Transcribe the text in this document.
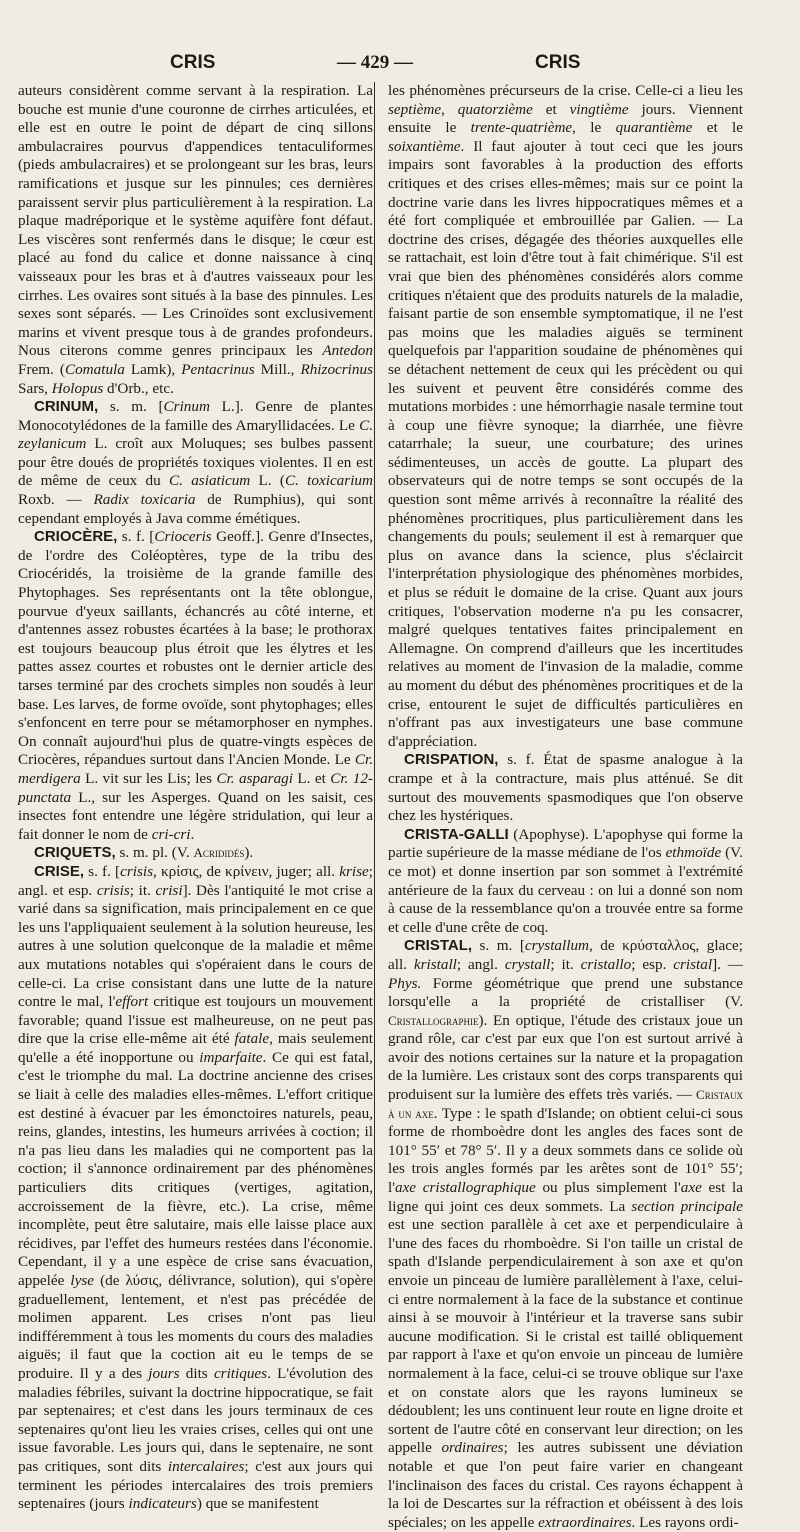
CRIS	— 429 —	CRIS

auteurs considèrent comme servant à la respiration. La bouche est munie d'une couronne de cirrhes articulées, et elle est en outre le point de départ de cinq sillons ambulacraires pourvus d'appendices tentaculiformes (pieds ambulacraires) et se prolongeant sur les bras, leurs ramifications et jusque sur les pinnules; ces dernières paraissent servir plus particulièrement à la respiration. La plaque madréporique et le système aquifère font défaut. Les viscères sont renfermés dans le disque; le cœur est placé au fond du calice et donne naissance à cinq vaisseaux pour les bras et à d'autres vaisseaux pour les cirrhes. Les ovaires sont situés à la base des pinnules. Les sexes sont séparés. — Les Crinoïdes sont exclusivement marins et vivent presque tous à de grandes profondeurs. Nous citerons comme genres principaux les Antedon Frem. (Comatula Lamk), Pentacrinus Mill., Rhizocrinus Sars, Holopus d'Orb., etc.

CRINUM, s. m. [Crinum L.]. Genre de plantes Monocotylédones de la famille des Amaryllidacées. Le C. zeylanicum L. croît aux Moluques; ses bulbes passent pour être doués de propriétés toxiques violentes. Il en est de même de ceux du C. asiaticum L. (C. toxicarium Roxb. — Radix toxicaria de Rumphius), qui sont cependant employés à Java comme émétiques.

CRIOCÈRE, s. f. [Crioceris Geoff.]. Genre d'Insectes, de l'ordre des Coléoptères, type de la tribu des Criocéridés, la troisième de la grande famille des Phytophages. Ses représentants ont la tête oblongue, pourvue d'yeux saillants, échancrés au côté interne, et d'antennes assez robustes écartées à la base; le prothorax est toujours beaucoup plus étroit que les élytres et les pattes assez courtes et robustes ont le dernier article des tarses terminé par des crochets simples non soudés à leur base. Les larves, de forme ovoïde, sont phytophages; elles s'enfoncent en terre pour se métamorphoser en nymphes. On connaît aujourd'hui plus de quatre-vingts espèces de Criocères, répandues surtout dans l'Ancien Monde. Le Cr. merdigera L. vit sur les Lis; les Cr. asparagi L. et Cr. 12-punctata L., sur les Asperges. Quand on les saisit, ces insectes font entendre une légère stridulation, qui leur a fait donner le nom de cri-cri.

CRIQUETS, s. m. pl. (V. Acrididés).

CRISE, s. f. [crisis, κρίσις, de κρίνειν, juger; all. krise; angl. et esp. crisis; it. crisi]. Dès l'antiquité le mot crise a varié dans sa signification, mais principalement en ce que les uns l'appliquaient seulement à la solution heureuse, les autres à une solution quelconque de la maladie et même aux mutations notables qui s'opéraient dans le cours de celle-ci. La crise consistant dans une lutte de la nature contre le mal, l'effort critique est toujours un mouvement favorable; quand l'issue est malheureuse, on ne peut pas dire que la crise elle-même ait été fatale, mais seulement qu'elle a été inopportune ou imparfaite. Ce qui est fatal, c'est le triomphe du mal. La doctrine ancienne des crises se liait à celle des maladies elles-mêmes. L'effort critique est destiné à évacuer par les émonctoires naturels, peau, reins, glandes, intestins, les humeurs arrivées à coction; il n'a pas lieu dans les maladies qui ne comportent pas la coction; il s'annonce ordinairement par des phénomènes particuliers dits critiques (vertiges, agitation, accroissement de la fièvre, etc.). La crise, même incomplète, peut être salutaire, mais elle laisse place aux récidives, par l'effet des humeurs restées dans l'économie. Cependant, il y a une espèce de crise sans évacuation, appelée lyse (de λύσις, délivrance, solution), qui s'opère graduellement, lentement, et n'est pas précédée de molimen apparent. Les crises n'ont pas lieu indifféremment à tous les moments du cours des maladies aiguës; il faut que la coction ait eu le temps de se produire. Il y a des jours dits critiques. L'évolution des maladies fébriles, suivant la doctrine hippocratique, se fait par septenaires; et c'est dans les jours terminaux de ces septenaires qu'ont lieu les vraies crises, celles qui ont une issue favorable. Les jours qui, dans le septenaire, ne sont pas critiques, sont dits intercalaires; c'est aux jours qui terminent les périodes intercalaires des trois premiers septenaires (jours indicateurs) que se manifestent

les phénomènes précurseurs de la crise. Celle-ci a lieu les septième, quatorzième et vingtième jours. Viennent ensuite le trente-quatrième, le quarantième et le soixantième. Il faut ajouter à tout ceci que les jours impairs sont favorables à la production des efforts critiques et des crises elles-mêmes; mais sur ce point la doctrine varie dans les livres hippocratiques mêmes et a été fort compliquée et embrouillée par Galien. — La doctrine des crises, dégagée des théories auxquelles elle se rattachait, est loin d'être tout à fait chimérique. S'il est vrai que bien des phénomènes considérés alors comme critiques n'étaient que des produits naturels de la maladie, faisant partie de son ensemble symptomatique, il ne l'est pas moins que les maladies aiguës se terminent quelquefois par l'apparition soudaine de phénomènes qui se détachent nettement de ceux qui les précèdent ou qui les suivent et peuvent être considérés comme des mutations morbides : une hémorrhagie nasale termine tout à coup une fièvre synoque; la diarrhée, une fièvre catarrhale; la sueur, une courbature; des urines sédimenteuses, un accès de goutte. La plupart des observateurs qui de notre temps se sont occupés de la question sont même arrivés à reconnaître la réalité des phénomènes procritiques, plus particulièrement dans les changements du pouls; seulement il est à remarquer que plus on avance dans la science, plus s'éclaircit l'interprétation physiologique des phénomènes morbides, et plus se réduit le domaine de la crise. Quant aux jours critiques, l'observation moderne n'a pu les consacrer, malgré quelques tentatives faites principalement en Allemagne. On comprend d'ailleurs que les incertitudes relatives au moment de l'invasion de la maladie, comme au moment du début des phénomènes procritiques et de la crise, entourent le sujet de difficultés particulières en n'offrant pas aux investigateurs une base commune d'appréciation.

CRISPATION, s. f. État de spasme analogue à la crampe et à la contracture, mais plus atténué. Se dit surtout des mouvements spasmodiques que l'on observe chez les hystériques.

CRISTA-GALLI (Apophyse). L'apophyse qui forme la partie supérieure de la masse médiane de l'os ethmoïde (V. ce mot) et donne insertion par son sommet à l'extrémité antérieure de la faux du cerveau : on lui a donné son nom à cause de la ressemblance qu'on a trouvée entre sa forme et celle d'une crête de coq.

CRISTAL, s. m. [crystallum, de κρύσταλλος, glace; all. kristall; angl. crystall; it. cristallo; esp. cristal]. — Phys. Forme géométrique que prend une substance lorsqu'elle a la propriété de cristalliser (V. Cristallographie). En optique, l'étude des cristaux joue un grand rôle, car c'est par eux que l'on est surtout arrivé à avoir des notions certaines sur la nature et la propagation de la lumière. Les cristaux sont des corps transparents qui produisent sur la lumière des effets très variés. — Cristaux à un axe. Type : le spath d'Islande; on obtient celui-ci sous forme de rhomboèdre dont les angles des faces sont de 101° 55′ et 78° 5′. Il y a deux sommets dans ce solide où les trois angles formés par les arêtes sont de 101° 55′; l'axe cristallographique ou plus simplement l'axe est la ligne qui joint ces deux sommets. La section principale est une section parallèle à cet axe et perpendiculaire à l'une des faces du rhomboèdre. Si l'on taille un cristal de spath d'Islande perpendiculairement à son axe et qu'on envoie un pinceau de lumière parallèlement à l'axe, celui-ci entre normalement à la face de la substance et continue ainsi à se mouvoir à l'intérieur et la traverse sans subir aucune modification. Si le cristal est taillé obliquement par rapport à l'axe et qu'on envoie un pinceau de lumière normalement à la face, celui-ci se trouve oblique sur l'axe et on constate alors que les rayons lumineux se dédoublent; les uns continuent leur route en ligne droite et sortent de l'autre côté en conservant leur direction; on les appelle ordinaires; les autres subissent une déviation notable et que l'on peut faire varier en changeant l'inclinaison des faces du cristal. Ces rayons échappent à la loi de Descartes sur la réfraction et obéissent à des lois spéciales; on les appelle extraordinaires. Les rayons ordi-
